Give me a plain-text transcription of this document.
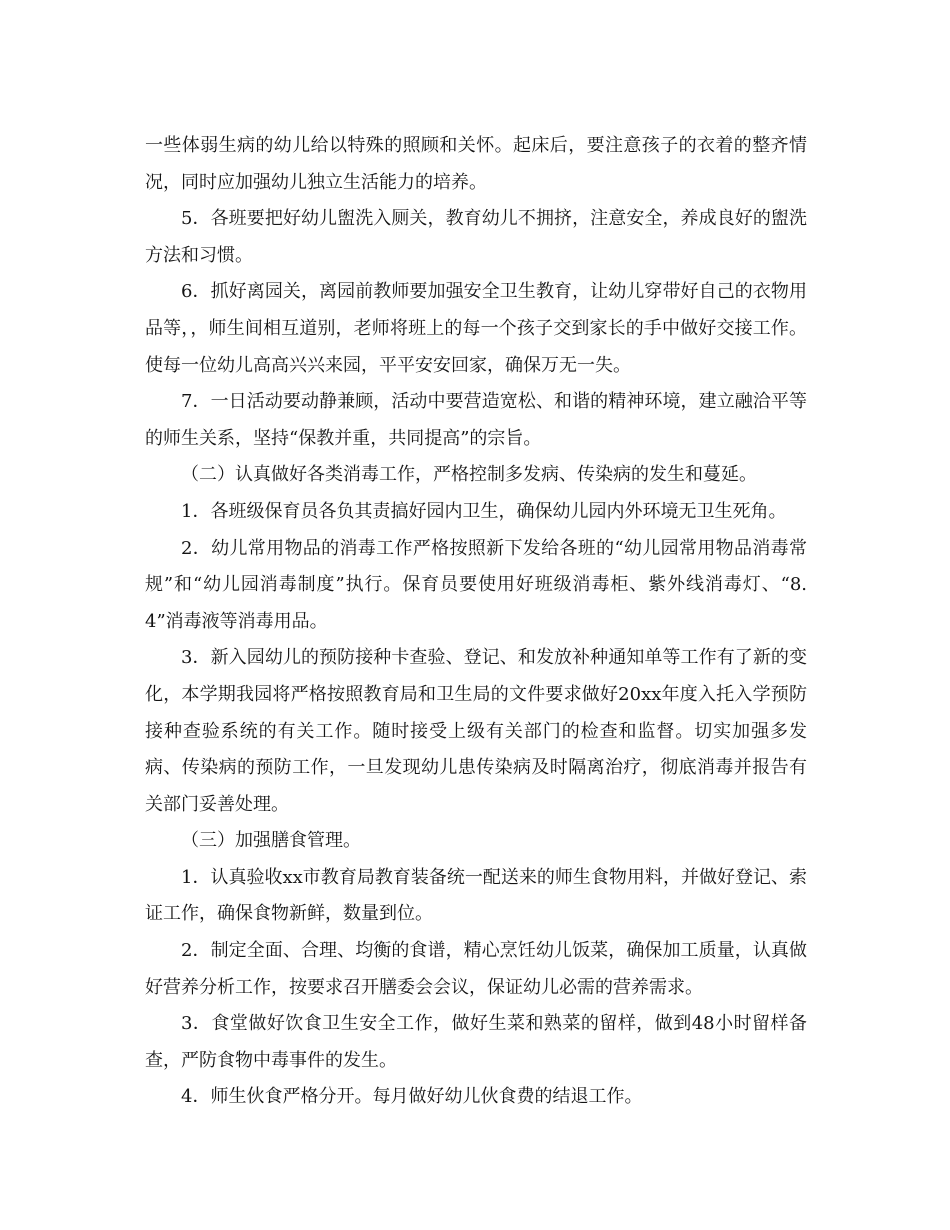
一些体弱生病的幼儿给以特殊的照顾和关怀。起床后，要注意孩子的衣着的整齐情况，同时应加强幼儿独立生活能力的培养。

5．各班要把好幼儿盥洗入厕关，教育幼儿不拥挤，注意安全，养成良好的盥洗方法和习惯。

6．抓好离园关，离园前教师要加强安全卫生教育，让幼儿穿带好自己的衣物用品等，，师生间相互道别，老师将班上的每一个孩子交到家长的手中做好交接工作。使每一位幼儿高高兴兴来园，平平安安回家，确保万无一失。

7．一日活动要动静兼顾，活动中要营造宽松、和谐的精神环境，建立融洽平等的师生关系，坚持“保教并重，共同提高”的宗旨。

（二）认真做好各类消毒工作，严格控制多发病、传染病的发生和蔓延。

1．各班级保育员各负其责搞好园内卫生，确保幼儿园内外环境无卫生死角。

2．幼儿常用物品的消毒工作严格按照新下发给各班的“幼儿园常用物品消毒常规”和“幼儿园消毒制度”执行。保育员要使用好班级消毒柜、紫外线消毒灯、“8.4”消毒液等消毒用品。

3．新入园幼儿的预防接种卡查验、登记、和发放补种通知单等工作有了新的变化，本学期我园将严格按照教育局和卫生局的文件要求做好20xx年度入托入学预防接种查验系统的有关工作。随时接受上级有关部门的检查和监督。切实加强多发病、传染病的预防工作，一旦发现幼儿患传染病及时隔离治疗，彻底消毒并报告有关部门妥善处理。

（三）加强膳食管理。

1．认真验收xx市教育局教育装备统一配送来的师生食物用料，并做好登记、索证工作，确保食物新鲜，数量到位。

2．制定全面、合理、均衡的食谱，精心烹饪幼儿饭菜，确保加工质量，认真做好营养分析工作，按要求召开膳委会会议，保证幼儿必需的营养需求。

3．食堂做好饮食卫生安全工作，做好生菜和熟菜的留样，做到48小时留样备查，严防食物中毒事件的发生。

4．师生伙食严格分开。每月做好幼儿伙食费的结退工作。
